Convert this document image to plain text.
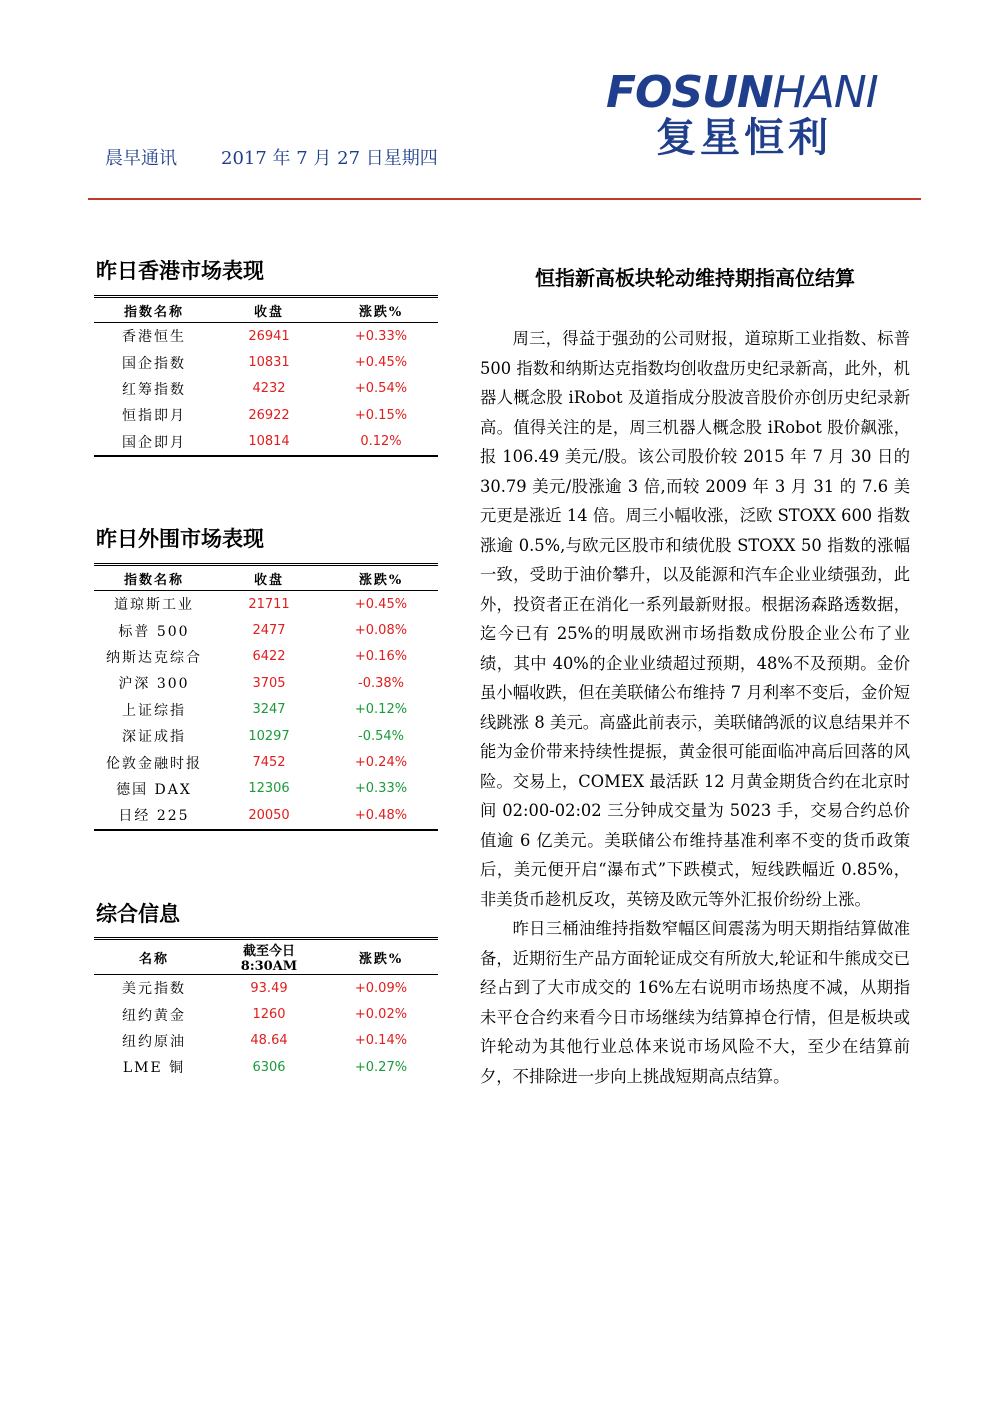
FOSUNHANI
复星恒利
晨早通讯 2017 年 7 月 27 日星期四
昨日香港市场表现
指数名称	收盘	涨跌%
香港恒生	26941	+0.33%
国企指数	10831	+0.45%
红筹指数	4232	+0.54%
恒指即月	26922	+0.15%
国企即月	10814	0.12%
昨日外围市场表现
指数名称	收盘	涨跌%
道琼斯工业	21711	+0.45%
标普 500	2477	+0.08%
纳斯达克综合	6422	+0.16%
沪深 300	3705	-0.38%
上证综指	3247	+0.12%
深证成指	10297	-0.54%
伦敦金融时报	7452	+0.24%
德国 DAX	12306	+0.33%
日经 225	20050	+0.48%
综合信息
名称	截至今日 8:30AM	涨跌%
美元指数	93.49	+0.09%
纽约黄金	1260	+0.02%
纽约原油	48.64	+0.14%
LME 铜	6306	+0.27%
恒指新高板块轮动维持期指高位结算

周三，得益于强劲的公司财报，道琼斯工业指数、标普 500 指数和纳斯达克指数均创收盘历史纪录新高，此外，机器人概念股 iRobot 及道指成分股波音股价亦创历史纪录新高。值得关注的是，周三机器人概念股 iRobot 股价飙涨，报 106.49 美元/股。该公司股价较 2015 年 7 月 30 日的 30.79 美元/股涨逾 3 倍,而较 2009 年 3 月 31 的 7.6 美元更是涨近 14 倍。周三小幅收涨，泛欧 STOXX 600 指数涨逾 0.5%,与欧元区股市和绩优股 STOXX 50 指数的涨幅一致，受助于油价攀升，以及能源和汽车企业业绩强劲，此外，投资者正在消化一系列最新财报。根据汤森路透数据，迄今已有 25%的明晟欧洲市场指数成份股企业公布了业绩，其中 40%的企业业绩超过预期，48%不及预期。金价虽小幅收跌，但在美联储公布维持 7 月利率不变后，金价短线跳涨 8 美元。高盛此前表示，美联储鸽派的议息结果并不能为金价带来持续性提振，黄金很可能面临冲高后回落的风险。交易上，COMEX 最活跃 12 月黄金期货合约在北京时间 02:00-02:02 三分钟成交量为 5023 手，交易合约总价值逾 6 亿美元。美联储公布维持基准利率不变的货币政策后，美元便开启“瀑布式”下跌模式，短线跌幅近 0.85%，非美货币趁机反攻，英镑及欧元等外汇报价纷纷上涨。

昨日三桶油维持指数窄幅区间震荡为明天期指结算做准备，近期衍生产品方面轮证成交有所放大,轮证和牛熊成交已经占到了大市成交的 16%左右说明市场热度不减，从期指未平仓合约来看今日市场继续为结算掉仓行情，但是板块或许轮动为其他行业总体来说市场风险不大，至少在结算前夕，不排除进一步向上挑战短期高点结算。
